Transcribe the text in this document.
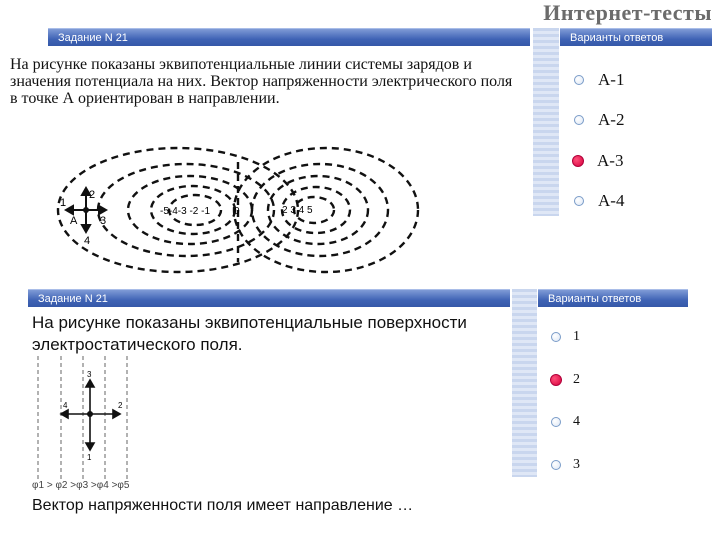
Интернет-тесты
Задание N 21	Варианты ответов
На рисунке показаны эквипотенциальные линии системы зарядов и значения потенциала на них. Вектор напряженности электрического поля в точке А ориентирован в направлении.
1
2
3
4
A
-5-4-3 -2 -1 0	2 3 4 5
А-1
А-2
А-3
А-4
Задание N 21	Варианты ответов
На рисунке показаны эквипотенциальные поверхности электростатического поля.
3
4	2
1
φ1 > φ2 >φ3 >φ4 >φ5
Вектор напряженности поля имеет направление …
1
2
4
3
